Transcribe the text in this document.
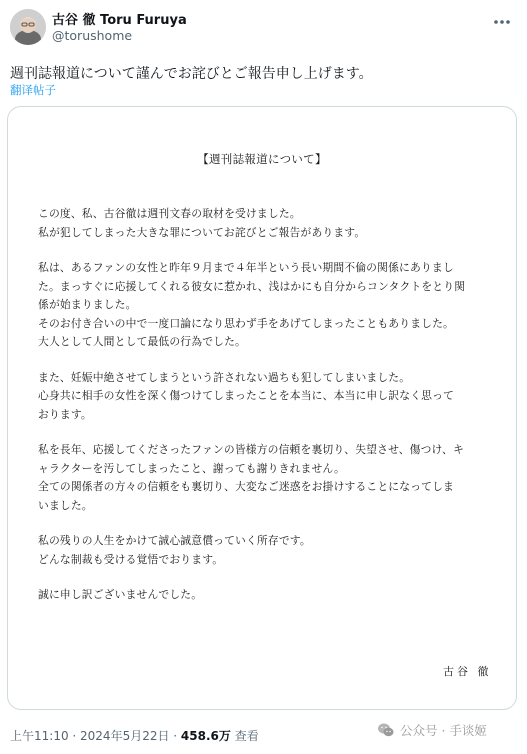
古谷 徹 Toru Furuya
@torushome
週刊誌報道について謹んでお詫びとご報告申し上げます。
翻译帖子
【週刊誌報道について】
この度、私、古谷徹は週刊文春の取材を受けました。
私が犯してしまった大きな罪についてお詫びとご報告があります。
私は、あるファンの女性と昨年９月まで４年半という長い期間不倫の関係にありまし
た。まっすぐに応援してくれる彼女に惹かれ、浅はかにも自分からコンタクトをとり関
係が始まりました。
そのお付き合いの中で一度口論になり思わず手をあげてしまったこともありました。
大人として人間として最低の行為でした。
また、妊娠中絶させてしまうという許されない過ちも犯してしまいました。
心身共に相手の女性を深く傷つけてしまったことを本当に、本当に申し訳なく思って
おります。
私を長年、応援してくださったファンの皆様方の信頼を裏切り、失望させ、傷つけ、キ
ャラクターを汚してしまったこと、謝っても謝りきれません。
全ての関係者の方々の信頼をも裏切り、大変なご迷惑をお掛けすることになってしま
いました。
私の残りの人生をかけて誠心誠意償っていく所存です。
どんな制裁も受ける覚悟でおります。
誠に申し訳ございませんでした。
古谷 徹
上午11:10 · 2024年5月22日 · 458.6万 查看	公众号 · 手谈姬
